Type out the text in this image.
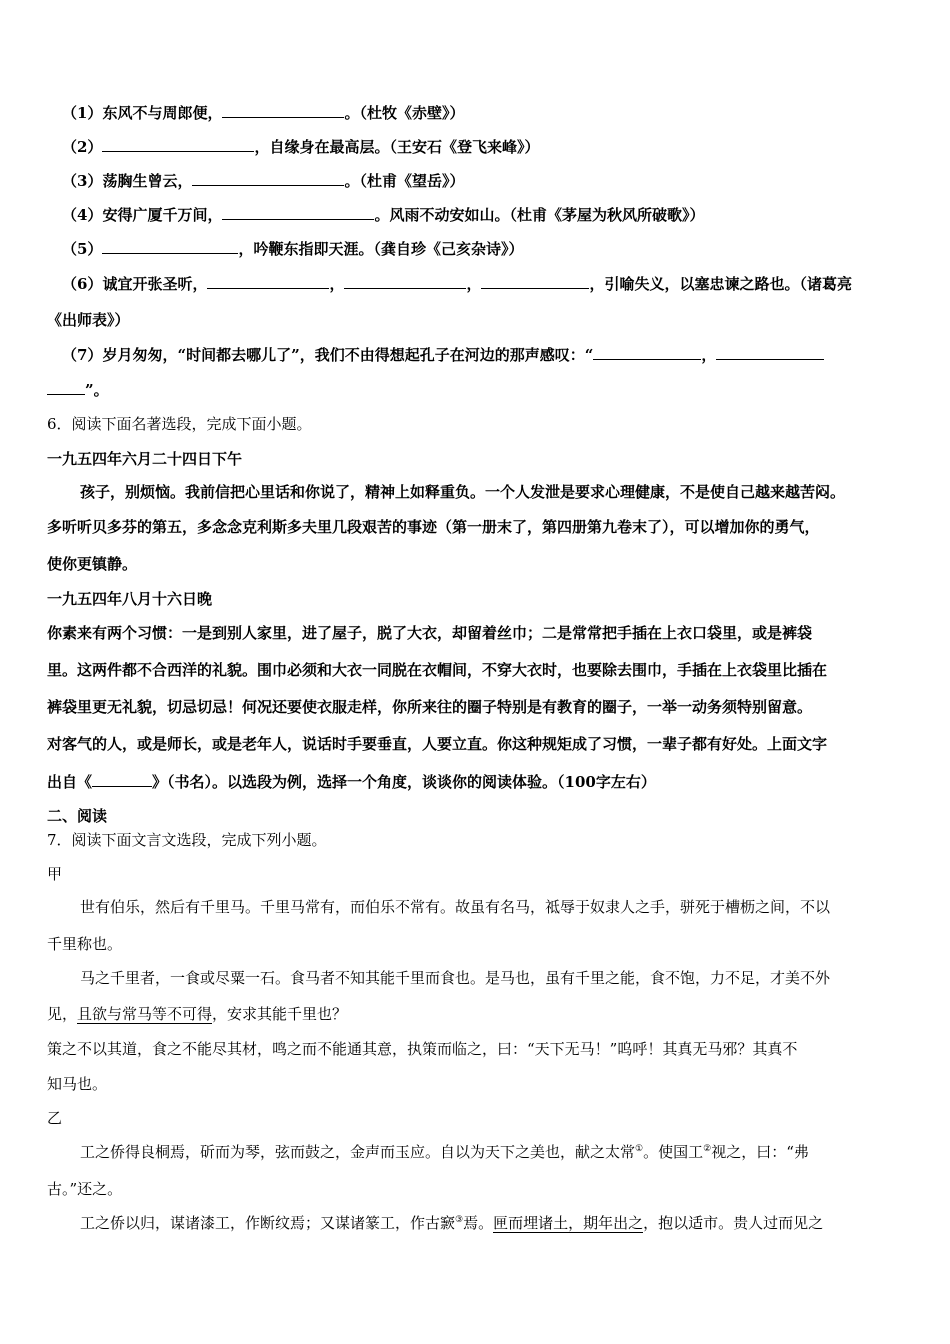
（1）东风不与周郎便，	。（杜牧《赤壁》）
（2）	，自缘身在最高层。（王安石《登飞来峰》）
（3）荡胸生曾云，	。（杜甫《望岳》）
（4）安得广厦千万间，	。风雨不动安如山。（杜甫《茅屋为秋风所破歌》）
（5）	，吟鞭东指即天涯。（龚自珍《己亥杂诗》）
（6）诚宜开张圣听，	，	，	，引喻失义，以塞忠谏之路也。（诸葛亮
《出师表》）
（7）岁月匆匆，“时间都去哪儿了”，我们不由得想起孔子在河边的那声感叹：“	，
”。
6．阅读下面名著选段，完成下面小题。
一九五四年六月二十四日下午
孩子，别烦恼。我前信把心里话和你说了，精神上如释重负。一个人发泄是要求心理健康，不是使自己越来越苦闷。
多听听贝多芬的第五，多念念克利斯多夫里几段艰苦的事迹（第一册末了，第四册第九卷末了），可以增加你的勇气，
使你更镇静。
一九五四年八月十六日晚
你素来有两个习惯：一是到别人家里，进了屋子，脱了大衣，却留着丝巾；二是常常把手插在上衣口袋里，或是裤袋
里。这两件都不合西洋的礼貌。围巾必须和大衣一同脱在衣帽间，不穿大衣时，也要除去围巾，手插在上衣袋里比插在
裤袋里更无礼貌，切忌切忌！何况还要使衣服走样，你所来往的圈子特别是有教育的圈子，一举一动务须特别留意。
对客气的人，或是师长，或是老年人，说话时手要垂直，人要立直。你这种规矩成了习惯，一辈子都有好处。上面文字
出自《	》（书名）。以选段为例，选择一个角度，谈谈你的阅读体验。（100字左右）
二、阅读
7．阅读下面文言文选段，完成下列小题。
甲
世有伯乐，然后有千里马。千里马常有，而伯乐不常有。故虽有名马，祗辱于奴隶人之手，骈死于槽枥之间，不以
千里称也。
马之千里者，一食或尽粟一石。食马者不知其能千里而食也。是马也，虽有千里之能，食不饱，力不足，才美不外
见，且欲与常马等不可得，安求其能千里也？
策之不以其道，食之不能尽其材，鸣之而不能通其意，执策而临之，曰：“天下无马！”呜呼！其真无马邪？其真不
知马也。
乙
工之侨得良桐焉，斫而为琴，弦而鼓之，金声而玉应。自以为天下之美也，献之太常①。使国工②视之，曰：“弗
古。”还之。
工之侨以归，谋诸漆工，作断纹焉；又谋诸篆工，作古窾③焉。匣而埋诸土，期年出之，抱以适市。贵人过而见之
